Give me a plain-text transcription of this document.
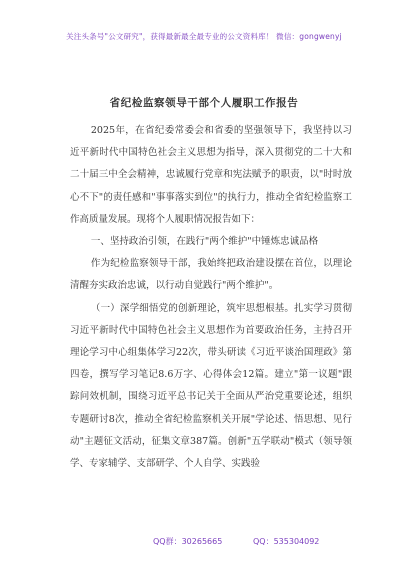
关注头条号"公文研究"，获得最新最全最专业的公文资料库！ 微信：gongwenyj
省纪检监察领导干部个人履职工作报告

2025年，在省纪委常委会和省委的坚强领导下，我坚持以习近平新时代中国特色社会主义思想为指导，深入贯彻党的二十大和二十届三中全会精神，忠诚履行党章和宪法赋予的职责，以"时时放心不下"的责任感和"事事落实到位"的执行力，推动全省纪检监察工作高质量发展。现将个人履职情况报告如下：

一、坚持政治引领，在践行"两个维护"中锤炼忠诚品格

作为纪检监察领导干部，我始终把政治建设摆在首位，以理论清醒夯实政治忠诚，以行动自觉践行"两个维护"。

（一）深学细悟党的创新理论，筑牢思想根基。扎实学习贯彻习近平新时代中国特色社会主义思想作为首要政治任务，主持召开理论学习中心组集体学习22次，带头研读《习近平谈治国理政》第四卷，撰写学习笔记8.6万字、心得体会12篇。建立"第一议题"跟踪问效机制，围绕习近平总书记关于全面从严治党重要论述，组织专题研讨8次，推动全省纪检监察机关开展"学论述、悟思想、见行动"主题征文活动，征集文章387篇。创新"五学联动"模式（领导领学、专家辅学、支部研学、个人自学、实践验

QQ群：30265665	QQ：535304092
